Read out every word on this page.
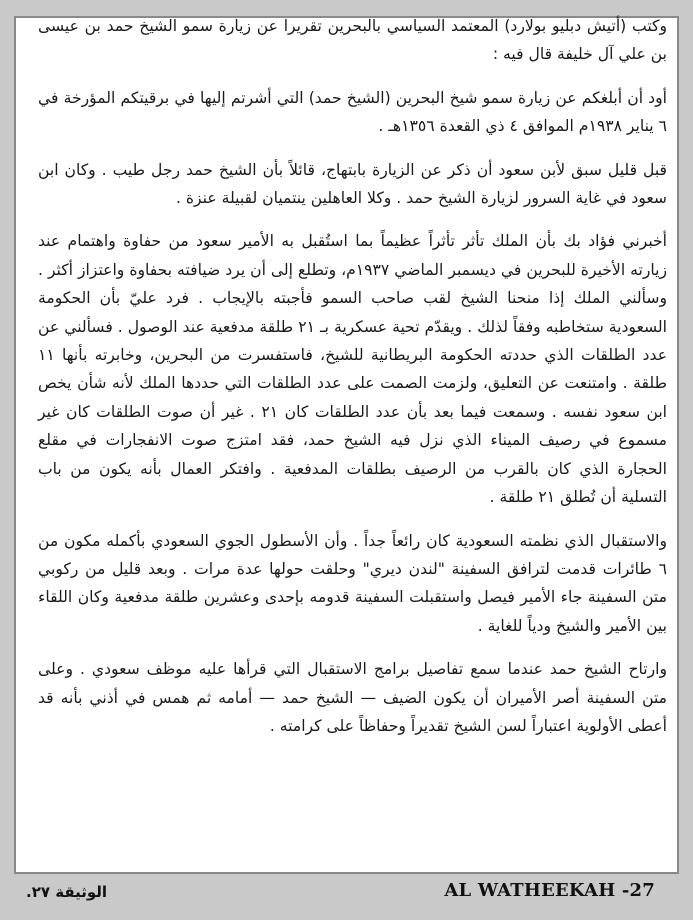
وكتب (أتيش دبليو بولارد) المعتمد السياسي بالبحرين تقريرا عن زيارة سمو الشيخ حمد بن عيسى بن علي آل خليفة قال فيه :

أود أن أبلغكم عن زيارة سمو شيخ البحرين (الشيخ حمد) التي أشرتم إليها في برقيتكم المؤرخة في ٦ يناير ١٩٣٨م الموافق ٤ ذي القعدة ١٣٥٦هـ .

قبل قليل سبق لأبن سعود أن ذكر عن الزيارة بابتهاج، قائلاً بأن الشيخ حمد رجل طيب . وكان ابن سعود في غاية السرور لزيارة الشيخ حمد . وكلا العاهلين ينتميان لقبيلة عنزة .

أخبرني فؤاد بك بأن الملك تأثر تأثراً عظيماً بما استُقبل به الأمير سعود من حفاوة واهتمام عند زيارته الأخيرة للبحرين في ديسمبر الماضي ١٩٣٧م، وتطلع إلى أن يرد ضيافته بحفاوة واعتزاز أكثر . وسألني الملك إذا منحنا الشيخ لقب صاحب السمو فأجبته بالإيجاب . فرد عليّ بأن الحكومة السعودية ستخاطبه وفقاً لذلك . ويقدّم تحية عسكرية بـ ٢١ طلقة مدفعية عند الوصول . فسألني عن عدد الطلقات الذي حددته الحكومة البريطانية للشيخ، فاستفسرت من البحرين، وخابرته بأنها ١١ طلقة . وامتنعت عن التعليق، ولزمت الصمت على عدد الطلقات التي حددها الملك لأنه شأن يخص ابن سعود نفسه . وسمعت فيما بعد بأن عدد الطلقات كان ٢١ . غير أن صوت الطلقات كان غير مسموع في رصيف الميناء الذي نزل فيه الشيخ حمد، فقد امتزج صوت الانفجارات في مقلع الحجارة الذي كان بالقرب من الرصيف بطلقات المدفعية . وافتكر العمال بأنه يكون من باب التسلية أن تُطلق ٢١ طلقة .

والاستقبال الذي نظمته السعودية كان رائعاً جداً . وأن الأسطول الجوي السعودي بأكمله مكون من ٦ طائرات قدمت لترافق السفينة "لندن ديري" وحلقت حولها عدة مرات . وبعد قليل من ركوبي متن السفينة جاء الأمير فيصل واستقبلت السفينة قدومه بإحدى وعشرين طلقة مدفعية وكان اللقاء بين الأمير والشيخ ودياً للغاية .

وارتاح الشيخ حمد عندما سمع تفاصيل برامج الاستقبال التي قرأها عليه موظف سعودي . وعلى متن السفينة أصر الأميران أن يكون الضيف — الشيخ حمد — أمامه ثم همس في أذني بأنه قد أعطى الأولوية اعتباراً لسن الشيخ تقديراً وحفاظاً على كرامته .

الوثيقة ٢٧.	AL WATHEEKAH -27
